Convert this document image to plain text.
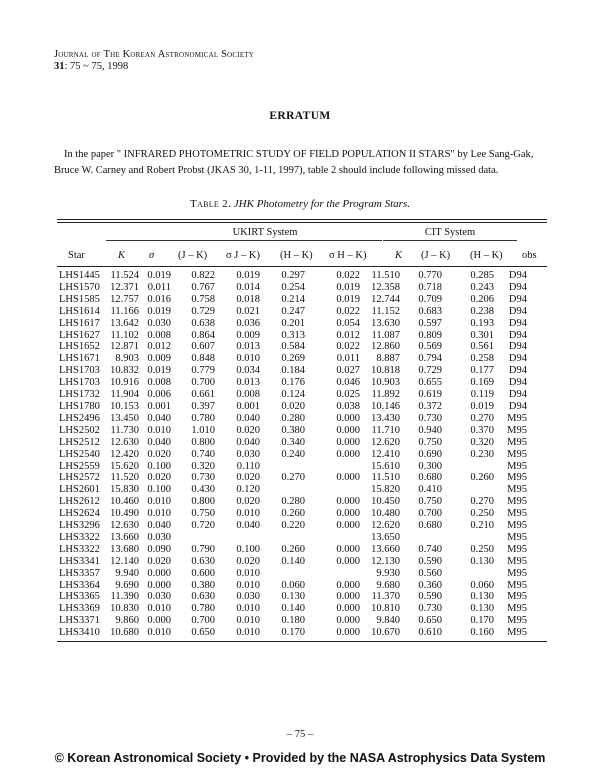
Journal of The Korean Astronomical Society
31: 75 ~ 75, 1998
ERRATUM
In the paper " INFRARED PHOTOMETRIC STUDY OF FIELD POPULATION II STARS" by Lee Sang-Gak, Bruce W. Carney and Robert Probst (JKAS 30, 1-11, 1997), table 2 should include following missed data.
Table 2. JHK Photometry for the Program Stars.
UKIRT System	CIT System
Star	K σ (J – K) σ J – K) (H – K) σ H – K)	K (J – K) (H – K) obs
LHS1445	11.524	0.019	0.822	0.019	0.297	0.022	11.510	0.770	0.285	D94
LHS1570	12.371	0.011	0.767	0.014	0.254	0.019	12.358	0.718	0.243	D94
LHS1585	12.757	0.016	0.758	0.018	0.214	0.019	12.744	0.709	0.206	D94
LHS1614	11.166	0.019	0.729	0.021	0.247	0.022	11.152	0.683	0.238	D94
LHS1617	13.642	0.030	0.638	0.036	0.201	0.054	13.630	0.597	0.193	D94
LHS1627	11.102	0.008	0.864	0.009	0.313	0.012	11.087	0.809	0.301	D94
LHS1652	12.871	0.012	0.607	0.013	0.584	0.022	12.860	0.569	0.561	D94
LHS1671	8.903	0.009	0.848	0.010	0.269	0.011	8.887	0.794	0.258	D94
LHS1703	10.832	0.019	0.779	0.034	0.184	0.027	10.818	0.729	0.177	D94
LHS1703	10.916	0.008	0.700	0.013	0.176	0.046	10.903	0.655	0.169	D94
LHS1732	11.904	0.006	0.661	0.008	0.124	0.025	11.892	0.619	0.119	D94
LHS1780	10.153	0.001	0.397	0.001	0.020	0.038	10.146	0.372	0.019	D94
LHS2496	13.450	0.040	0.780	0.040	0.280	0.000	13.430	0.730	0.270	M95
LHS2502	11.730	0.010	1.010	0.020	0.380	0.000	11.710	0.940	0.370	M95
LHS2512	12.630	0.040	0.800	0.040	0.340	0.000	12.620	0.750	0.320	M95
LHS2540	12.420	0.020	0.740	0.030	0.240	0.000	12.410	0.690	0.230	M95
LHS2559	15.620	0.100	0.320	0.110			15.610	0.300		M95
LHS2572	11.520	0.020	0.730	0.020	0.270	0.000	11.510	0.680	0.260	M95
LHS2601	15.830	0.100	0.430	0.120			15.820	0.410		M95
LHS2612	10.460	0.010	0.800	0.020	0.280	0.000	10.450	0.750	0.270	M95
LHS2624	10.490	0.010	0.750	0.010	0.260	0.000	10.480	0.700	0.250	M95
LHS3296	12.630	0.040	0.720	0.040	0.220	0.000	12.620	0.680	0.210	M95
LHS3322	13.660	0.030					13.650			M95
LHS3322	13.680	0.090	0.790	0.100	0.260	0.000	13.660	0.740	0.250	M95
LHS3341	12.140	0.020	0.630	0.020	0.140	0.000	12.130	0.590	0.130	M95
LHS3357	9.940	0.000	0.600	0.010			9.930	0.560		M95
LHS3364	9.690	0.000	0.380	0.010	0.060	0.000	9.680	0.360	0.060	M95
LHS3365	11.390	0.030	0.630	0.030	0.130	0.000	11.370	0.590	0.130	M95
LHS3369	10.830	0.010	0.780	0.010	0.140	0.000	10.810	0.730	0.130	M95
LHS3371	9.860	0.000	0.700	0.010	0.180	0.000	9.840	0.650	0.170	M95
LHS3410	10.680	0.010	0.650	0.010	0.170	0.000	10.670	0.610	0.160	M95
– 75 –
© Korean Astronomical Society • Provided by the NASA Astrophysics Data System
